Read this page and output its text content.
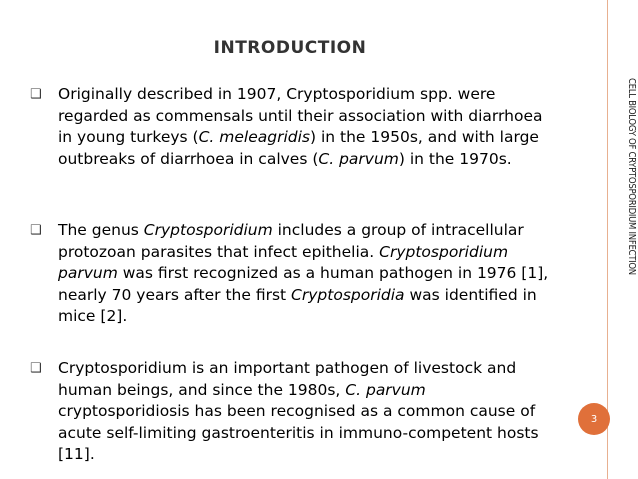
INTRODUCTION
❑	Originally described in 1907, Cryptosporidium spp. were regarded as commensals until their association with diarrhoea in young turkeys (C. meleagridis) in the 1950s, and with large outbreaks of diarrhoea in calves (C. parvum) in the 1970s.
❑	The genus Cryptosporidium includes a group of intracellular protozoan parasites that infect epithelia. Cryptosporidium parvum was first recognized as a human pathogen in 1976 [1], nearly 70 years after the first Cryptosporidia was identified in mice [2].
❑	Cryptosporidium is an important pathogen of livestock and human beings, and since the 1980s, C. parvum cryptosporidiosis has been recognised as a common cause of acute self-limiting gastroenteritis in immuno-competent hosts [11].
CELL BIOLOGY OF CRYPTOSPORIDIUM INFECTION
3
